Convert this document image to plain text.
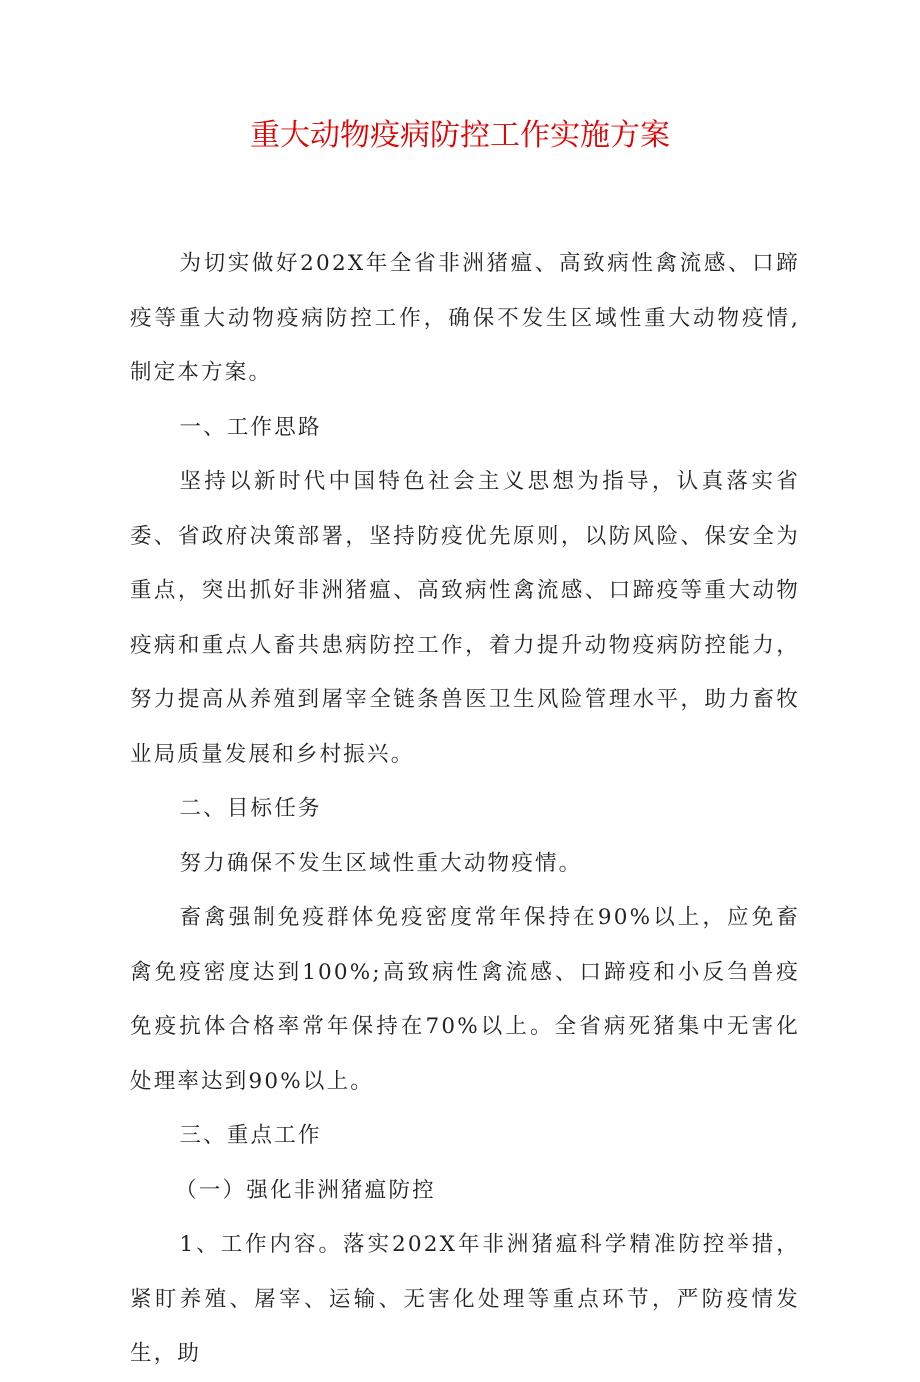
重大动物疫病防控工作实施方案

为切实做好202X年全省非洲猪瘟、高致病性禽流感、口蹄疫等重大动物疫病防控工作，确保不发生区域性重大动物疫情,制定本方案。

一、工作思路

坚持以新时代中国特色社会主义思想为指导，认真落实省委、省政府决策部署，坚持防疫优先原则，以防风险、保安全为重点，突出抓好非洲猪瘟、高致病性禽流感、口蹄疫等重大动物疫病和重点人畜共患病防控工作，着力提升动物疫病防控能力，努力提高从养殖到屠宰全链条兽医卫生风险管理水平，助力畜牧业局质量发展和乡村振兴。

二、目标任务

努力确保不发生区域性重大动物疫情。

畜禽强制免疫群体免疫密度常年保持在90%以上，应免畜禽免疫密度达到100%;高致病性禽流感、口蹄疫和小反刍兽疫免疫抗体合格率常年保持在70%以上。全省病死猪集中无害化处理率达到90%以上。

三、重点工作

（一）强化非洲猪瘟防控

1、工作内容。落实202X年非洲猪瘟科学精准防控举措，紧盯养殖、屠宰、运输、无害化处理等重点环节，严防疫情发生，助
